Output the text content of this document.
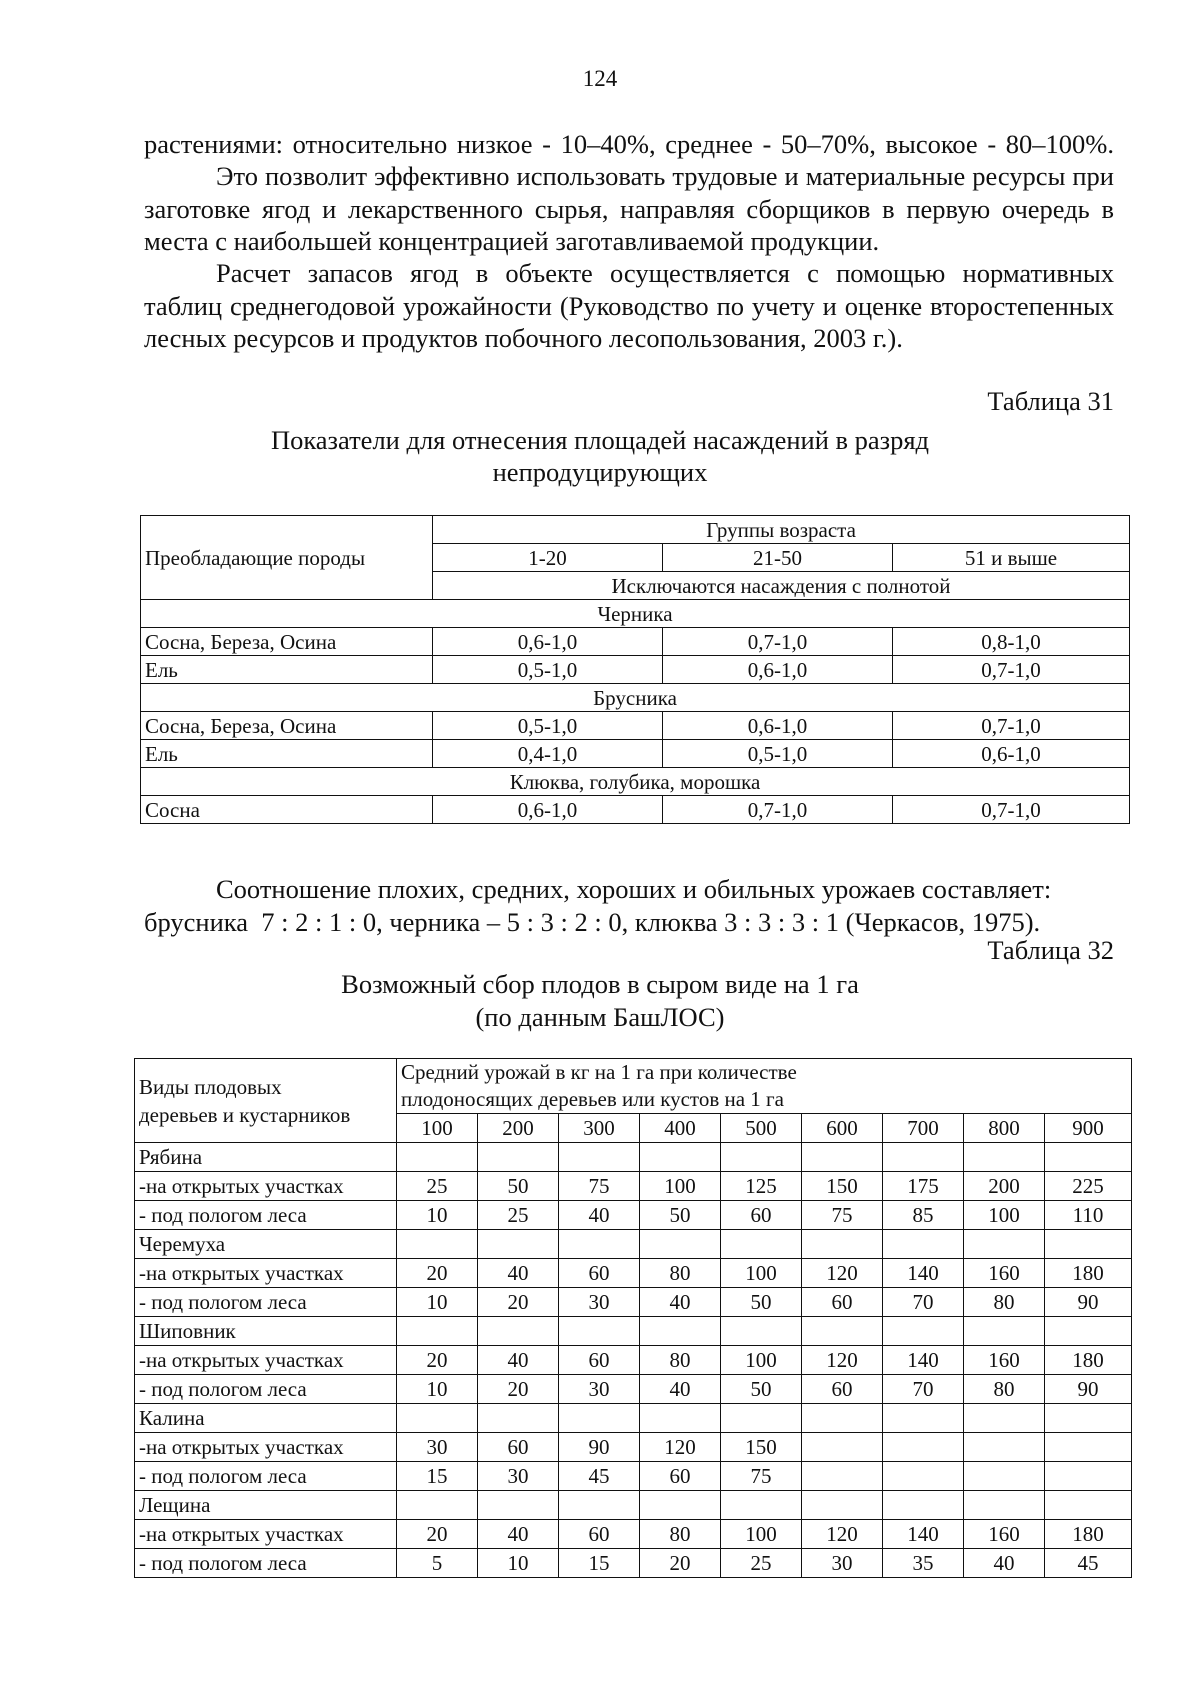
124

растениями: относительно низкое - 10–40%, среднее - 50–70%, высокое - 80–100%.

Это позволит эффективно использовать трудовые и материальные ресурсы при заготовке ягод и лекарственного сырья, направляя сборщиков в первую очередь в места с наибольшей концентрацией заготавливаемой продукции.

Расчет запасов ягод в объекте осуществляется с помощью нормативных таблиц среднегодовой урожайности (Руководство по учету и оценке второстепенных лесных ресурсов и продуктов побочного лесопользования, 2003 г.).

Таблица 31
Показатели для отнесения площадей насаждений в разряд
непродуцирующих
Преобладающие породы	Группы возраста		
	1-20	21-50	51 и выше
	Исключаются насаждения с полнотой		
Черника			
Сосна, Береза, Осина	0,6-1,0	0,7-1,0	0,8-1,0
Ель	0,5-1,0	0,6-1,0	0,7-1,0
Брусника			
Сосна, Береза, Осина	0,5-1,0	0,6-1,0	0,7-1,0
Ель	0,4-1,0	0,5-1,0	0,6-1,0
Клюква, голубика, морошка			
Сосна	0,6-1,0	0,7-1,0	0,7-1,0

Соотношение плохих, средних, хороших и обильных урожаев составляет:
брусника  7 : 2 : 1 : 0, черника – 5 : 3 : 2 : 0, клюква 3 : 3 : 3 : 1 (Черкасов, 1975).

Таблица 32
Возможный сбор плодов в сыром виде на 1 га
(по данным БашЛОС)
Виды плодовых
деревьев и кустарников	Средний урожай в кг на 1 га при количестве
плодоносящих деревьев или кустов на 1 га								
	100	200	300	400	500	600	700	800	900
Рябина									
-на открытых участках	25	50	75	100	125	150	175	200	225
- под пологом леса	10	25	40	50	60	75	85	100	110
Черемуха									
-на открытых участках	20	40	60	80	100	120	140	160	180
- под пологом леса	10	20	30	40	50	60	70	80	90
Шиповник									
-на открытых участках	20	40	60	80	100	120	140	160	180
- под пологом леса	10	20	30	40	50	60	70	80	90
Калина									
-на открытых участках	30	60	90	120	150				
- под пологом леса	15	30	45	60	75				
Лещина									
-на открытых участках	20	40	60	80	100	120	140	160	180
- под пологом леса	5	10	15	20	25	30	35	40	45
